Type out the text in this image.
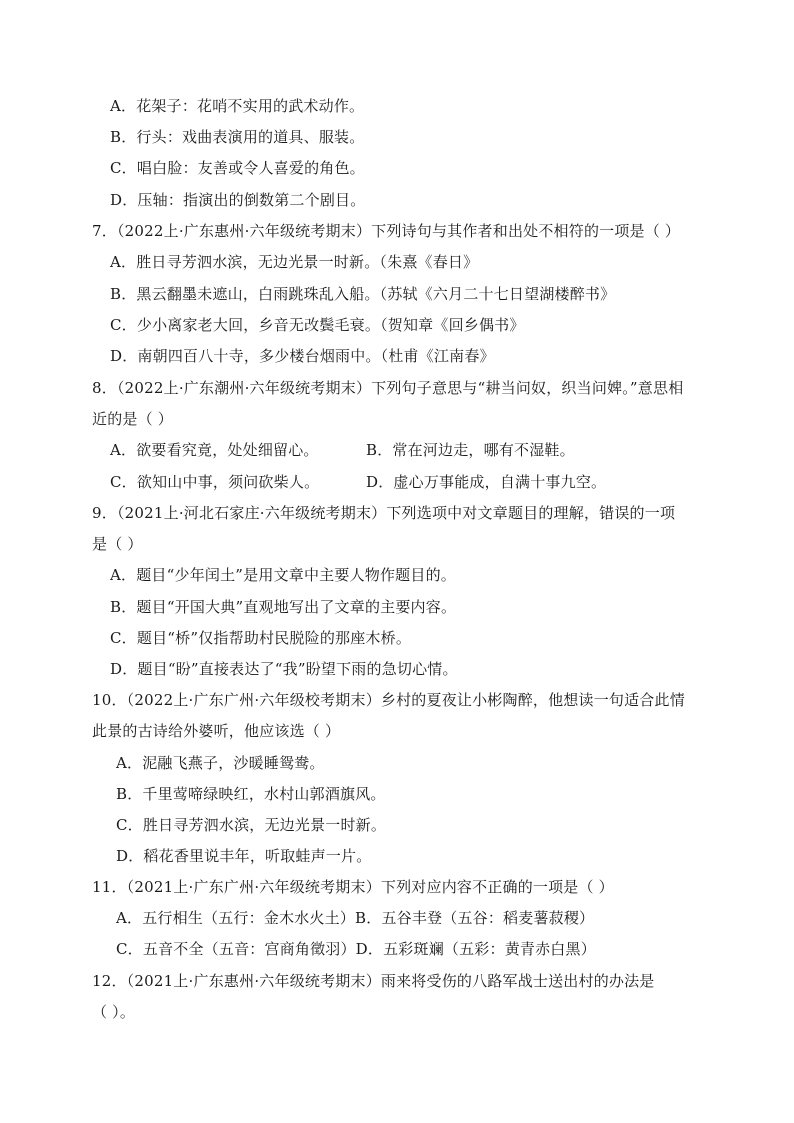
A．花架子：花哨不实用的武术动作。
B．行头：戏曲表演用的道具、服装。
C．唱白脸：友善或令人喜爱的角色。
D．压轴：指演出的倒数第二个剧目。
7．（2022上·广东惠州·六年级统考期末）下列诗句与其作者和出处不相符的一项是（ ）
A．胜日寻芳泗水滨，无边光景一时新。（朱熹《春日》
B．黑云翻墨未遮山，白雨跳珠乱入船。（苏轼《六月二十七日望湖楼醉书》
C．少小离家老大回，乡音无改鬓毛衰。（贺知章《回乡偶书》
D．南朝四百八十寺，多少楼台烟雨中。（杜甫《江南春》
8．（2022上·广东潮州·六年级统考期末）下列句子意思与“耕当问奴，织当问婢。”意思相
近的是（ ）
A．欲要看究竟，处处细留心。	B．常在河边走，哪有不湿鞋。
C．欲知山中事，须问砍柴人。	D．虚心万事能成，自满十事九空。
9．（2021上·河北石家庄·六年级统考期末）下列选项中对文章题目的理解，错误的一项
是（ ）
A．题目“少年闰土”是用文章中主要人物作题目的。
B．题目“开国大典”直观地写出了文章的主要内容。
C．题目“桥”仅指帮助村民脱险的那座木桥。
D．题目“盼”直接表达了“我”盼望下雨的急切心情。
10．（2022上·广东广州·六年级校考期末）乡村的夏夜让小彬陶醉，他想读一句适合此情
此景的古诗给外婆听，他应该选（ ）
A．泥融飞燕子，沙暖睡鸳鸯。
B．千里莺啼绿映红，水村山郭酒旗风。
C．胜日寻芳泗水滨，无边光景一时新。
D．稻花香里说丰年，听取蛙声一片。
11．（2021上·广东广州·六年级统考期末）下列对应内容不正确的一项是（ ）
A．五行相生（五行：金木水火土）B．五谷丰登（五谷：稻麦薯菽稷）
C．五音不全（五音：宫商角徵羽）D．五彩斑斓（五彩：黄青赤白黑）
12．（2021上·广东惠州·六年级统考期末）雨来将受伤的八路军战士送出村的办法是
（ ）。
